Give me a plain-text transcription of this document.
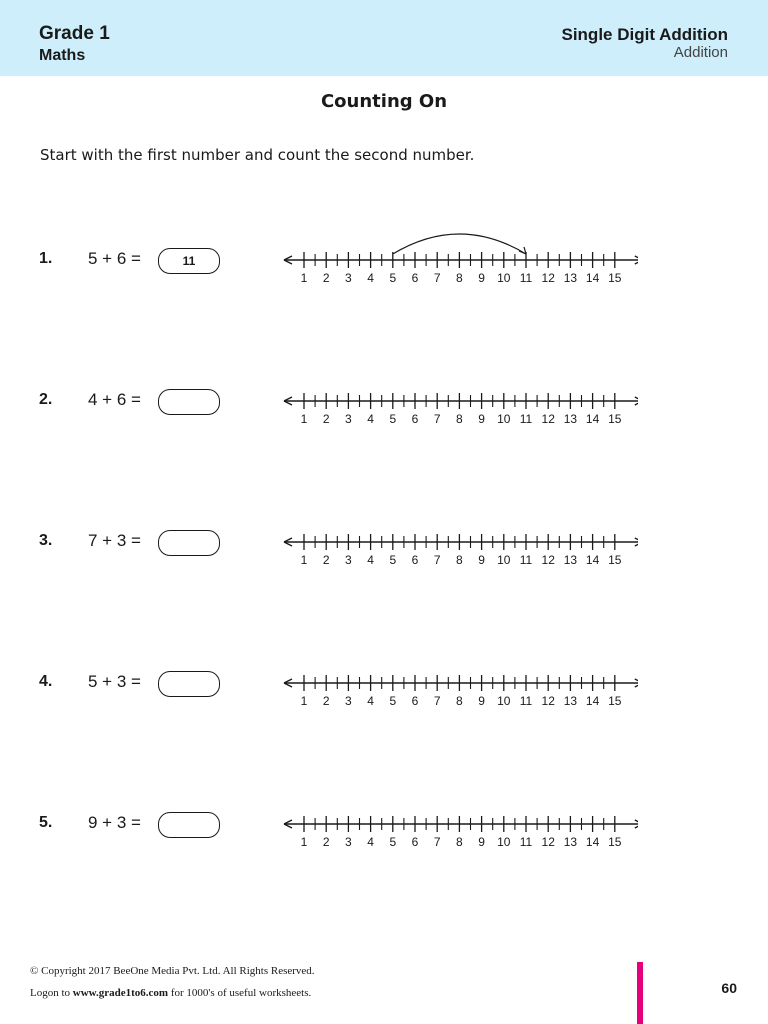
Grade 1
Maths
Single Digit Addition
Addition
Counting On
Start with the first number and count the second number.
1. 5 + 6 =	11
1 2 3 4 5 6 7 8 9 10 11 12 13 14 15
2. 4 + 6 =
1 2 3 4 5 6 7 8 9 10 11 12 13 14 15
3. 7 + 3 =
1 2 3 4 5 6 7 8 9 10 11 12 13 14 15
4. 5 + 3 =
1 2 3 4 5 6 7 8 9 10 11 12 13 14 15
5. 9 + 3 =
1 2 3 4 5 6 7 8 9 10 11 12 13 14 15
© Copyright 2017 BeeOne Media Pvt. Ltd. All Rights Reserved.
Logon to www.grade1to6.com for 1000's of useful worksheets.	60
